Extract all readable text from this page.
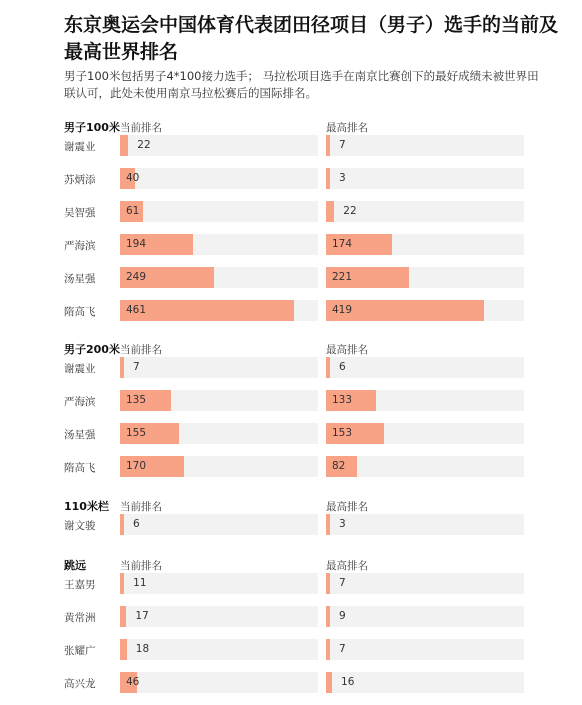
东京奥运会中国体育代表团田径项目（男子）选手的当前及最高世界排名

男子100米包括男子4*100接力选手； 马拉松项目选手在南京比赛创下的最好成绩未被世界田联认可，此处未使用南京马拉松赛后的国际排名。

男子100米 当前排名	最高排名
谢震业	22	7
苏炳添	40	3
吴智强	61	22
严海滨	194	174
汤星强	249	221
隋高飞	461	419
男子200米 当前排名	最高排名
谢震业	7	6
严海滨	135	133
汤星强	155	153
隋高飞	170	82
110米栏 当前排名	最高排名
谢文骏	6	3
跳远	当前排名	最高排名
王嘉男	11	7
黄常洲	17	9
张耀广	18	7
高兴龙	46	16
